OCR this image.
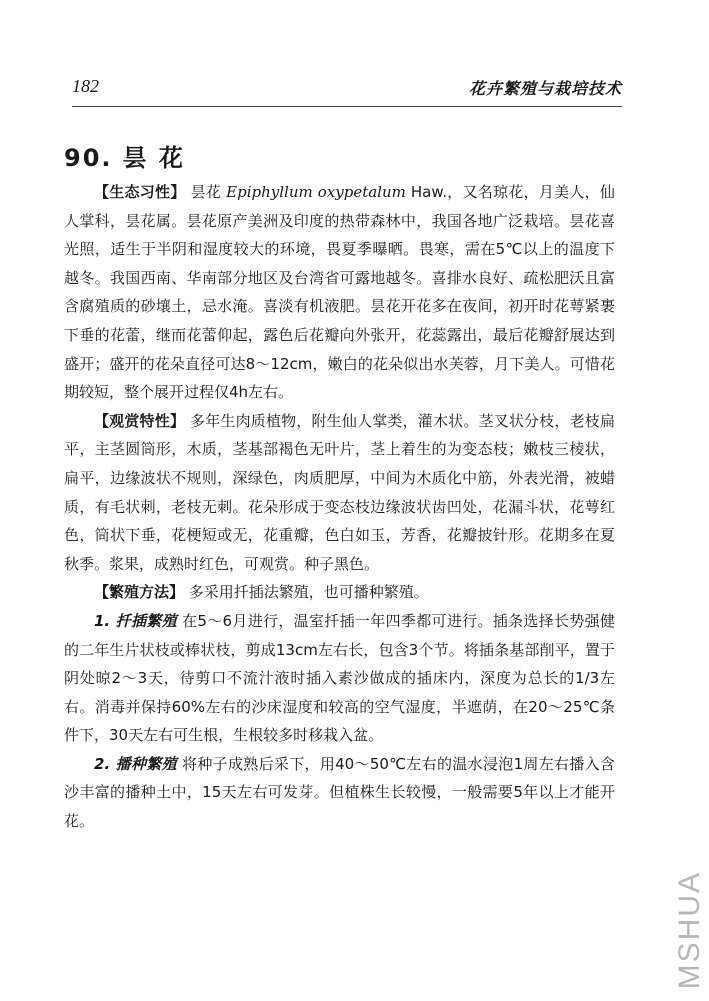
182	花卉繁殖与栽培技术
90. 昙 花

【生态习性】 昙花 Epiphyllum oxypetalum Haw.，又名琼花，月美人，仙人掌科，昙花属。昙花原产美洲及印度的热带森林中，我国各地广泛栽培。昙花喜光照，适生于半阴和湿度较大的环境，畏夏季曝晒。畏寒，需在5℃以上的温度下越冬。我国西南、华南部分地区及台湾省可露地越冬。喜排水良好、疏松肥沃且富含腐殖质的砂壤土，忌水淹。喜淡有机液肥。昙花开花多在夜间，初开时花萼紧裹下垂的花蕾，继而花蕾仰起，露色后花瓣向外张开，花蕊露出，最后花瓣舒展达到盛开；盛开的花朵直径可达8～12cm，嫩白的花朵似出水芙蓉，月下美人。可惜花期较短，整个展开过程仅4h左右。

【观赏特性】 多年生肉质植物，附生仙人掌类，灌木状。茎叉状分枝，老枝扁平，主茎圆筒形，木质，茎基部褐色无叶片，茎上着生的为变态枝；嫩枝三棱状，扁平，边缘波状不规则，深绿色，肉质肥厚，中间为木质化中筋，外表光滑，被蜡质，有毛状刺，老枝无刺。花朵形成于变态枝边缘波状齿凹处，花漏斗状，花萼红色，筒状下垂，花梗短或无，花重瓣，色白如玉，芳香，花瓣披针形。花期多在夏秋季。浆果，成熟时红色，可观赏。种子黑色。

【繁殖方法】 多采用扦插法繁殖，也可播种繁殖。

1. 扦插繁殖 在5～6月进行，温室扦插一年四季都可进行。插条选择长势强健的二年生片状枝或棒状枝，剪成13cm左右长，包含3个节。将插条基部削平，置于阴处晾2～3天，待剪口不流汁液时插入素沙做成的插床内，深度为总长的1/3左右。消毒并保持60%左右的沙床湿度和较高的空气湿度，半遮荫，在20～25℃条件下，30天左右可生根，生根较多时移栽入盆。

2. 播种繁殖 将种子成熟后采下，用40～50℃左右的温水浸泡1周左右播入含沙丰富的播种土中，15天左右可发芽。但植株生长较慢，一般需要5年以上才能开花。

MSHUA
